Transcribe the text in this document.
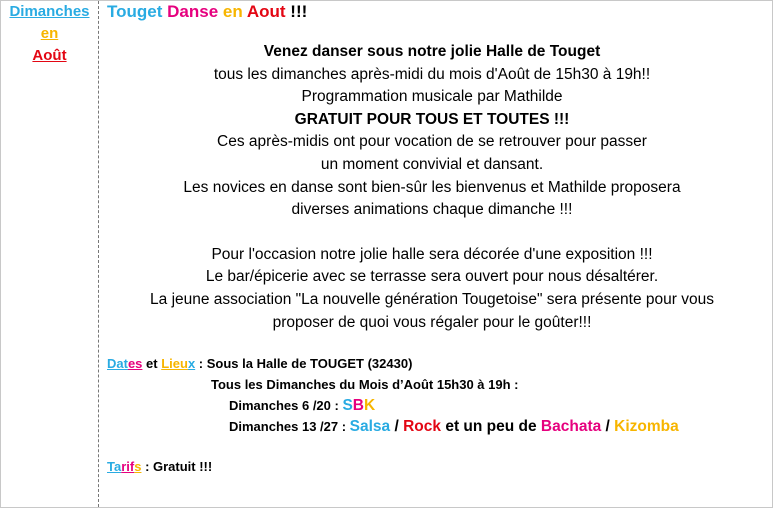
Dimanches
en
Août
Touget Danse en Aout !!!
Venez danser sous notre jolie Halle de Touget
tous les dimanches après-midi du mois d'Août de 15h30 à 19h!!
Programmation musicale par Mathilde
GRATUIT POUR TOUS ET TOUTES !!!
Ces après-midis ont pour vocation de se retrouver pour passer
un moment convivial et dansant.
Les novices en danse sont bien-sûr les bienvenus et Mathilde proposera
diverses animations chaque dimanche !!!
Pour l'occasion notre jolie halle sera décorée d'une exposition !!!
Le bar/épicerie avec se terrasse sera ouvert pour nous désaltérer.
La jeune association "La nouvelle génération Tougetoise" sera présente pour vous
proposer de quoi vous régaler pour le goûter!!!
Dates et Lieux : Sous la Halle de TOUGET (32430)
Tous les Dimanches du Mois d’Août 15h30 à 19h :
Dimanches 6 /20 : SBK
Dimanches 13 /27 : Salsa / Rock et un peu de Bachata / Kizomba
Tarifs : Gratuit !!!
